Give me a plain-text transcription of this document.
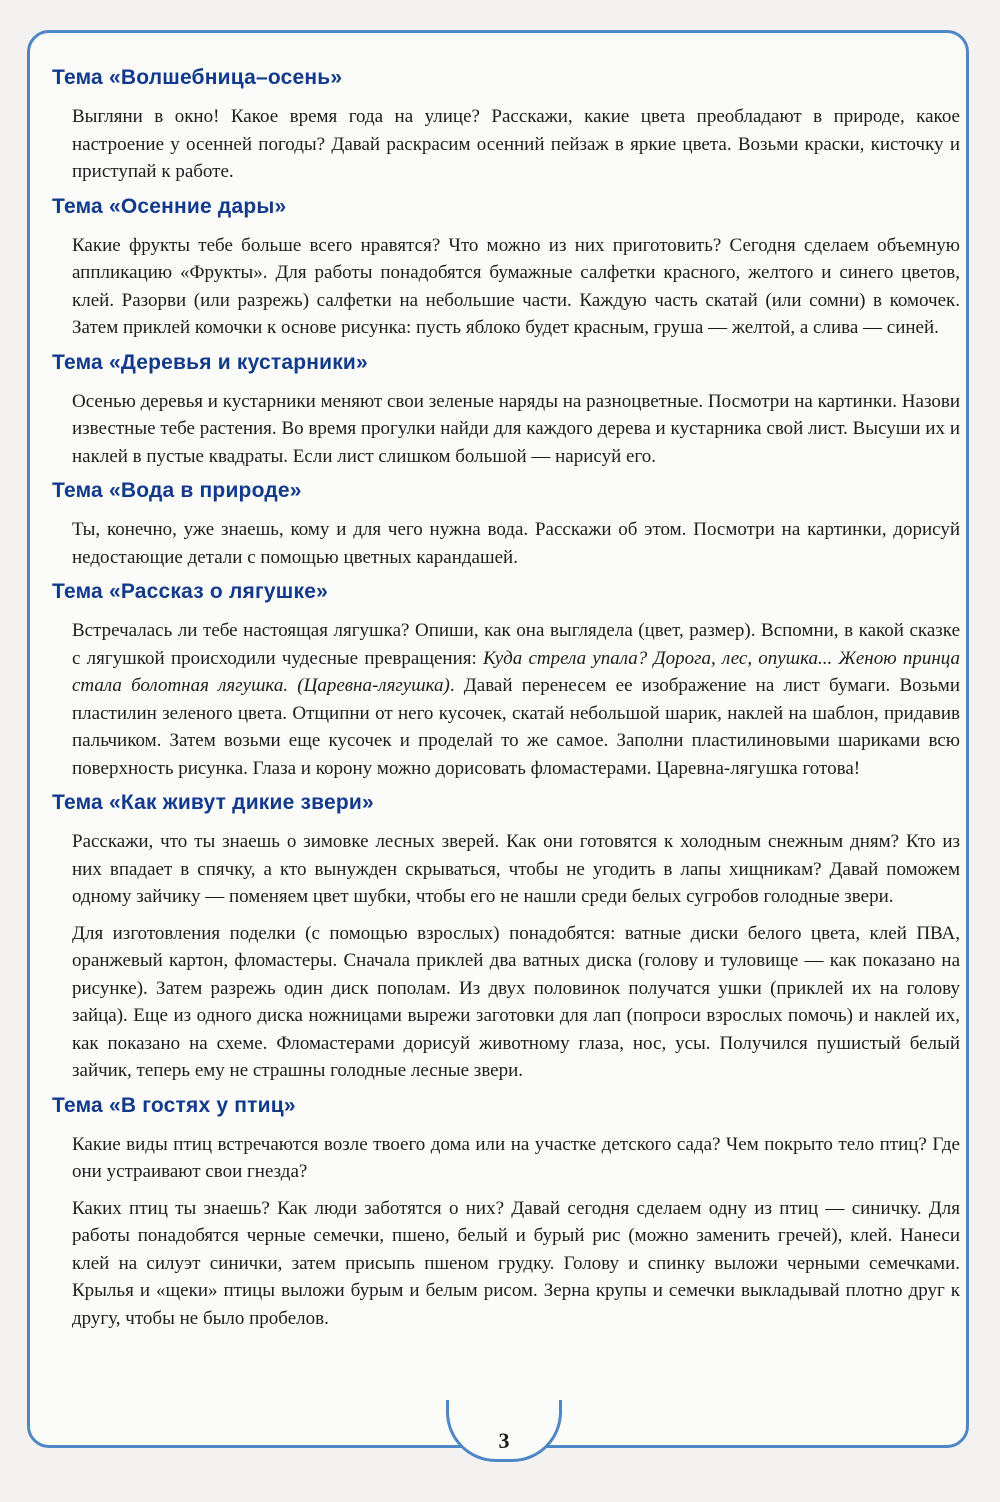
Тема «Волшебница–осень»

Выгляни в окно! Какое время года на улице? Расскажи, какие цвета преобладают в природе, какое настроение у осенней погоды? Давай раскрасим осенний пейзаж в яркие цвета. Возьми краски, кисточку и приступай к работе.

Тема «Осенние дары»

Какие фрукты тебе больше всего нравятся? Что можно из них приготовить? Сегодня сделаем объемную аппликацию «Фрукты». Для работы понадобятся бумажные салфетки красного, желтого и синего цветов, клей. Разорви (или разрежь) салфетки на небольшие части. Каждую часть скатай (или сомни) в комочек. Затем приклей комочки к основе рисунка: пусть яблоко будет красным, груша — желтой, а слива — синей.

Тема «Деревья и кустарники»

Осенью деревья и кустарники меняют свои зеленые наряды на разноцветные. Посмотри на картинки. Назови известные тебе растения. Во время прогулки найди для каждого дерева и кустарника свой лист. Высуши их и наклей в пустые квадраты. Если лист слишком большой — нарисуй его.

Тема «Вода в природе»

Ты, конечно, уже знаешь, кому и для чего нужна вода. Расскажи об этом. Посмотри на картинки, дорисуй недостающие детали с помощью цветных карандашей.

Тема «Рассказ о лягушке»

Встречалась ли тебе настоящая лягушка? Опиши, как она выглядела (цвет, размер). Вспомни, в какой сказке с лягушкой происходили чудесные превращения: Куда стрела упала? Дорога, лес, опушка... Женою принца стала болотная лягушка. (Царевна-лягушка). Давай перенесем ее изображение на лист бумаги. Возьми пластилин зеленого цвета. Отщипни от него кусочек, скатай небольшой шарик, наклей на шаблон, придавив пальчиком. Затем возьми еще кусочек и проделай то же самое. Заполни пластилиновыми шариками всю поверхность рисунка. Глаза и корону можно дорисовать фломастерами. Царевна-лягушка готова!

Тема «Как живут дикие звери»

Расскажи, что ты знаешь о зимовке лесных зверей. Как они готовятся к холодным снежным дням? Кто из них впадает в спячку, а кто вынужден скрываться, чтобы не угодить в лапы хищникам? Давай поможем одному зайчику — поменяем цвет шубки, чтобы его не нашли среди белых сугробов голодные звери.

Для изготовления поделки (с помощью взрослых) понадобятся: ватные диски белого цвета, клей ПВА, оранжевый картон, фломастеры. Сначала приклей два ватных диска (голову и туловище — как показано на рисунке). Затем разрежь один диск пополам. Из двух половинок получатся ушки (приклей их на голову зайца). Еще из одного диска ножницами вырежи заготовки для лап (попроси взрослых помочь) и наклей их, как показано на схеме. Фломастерами дорисуй животному глаза, нос, усы. Получился пушистый белый зайчик, теперь ему не страшны голодные лесные звери.

Тема «В гостях у птиц»

Какие виды птиц встречаются возле твоего дома или на участке детского сада? Чем покрыто тело птиц? Где они устраивают свои гнезда?

Каких птиц ты знаешь? Как люди заботятся о них? Давай сегодня сделаем одну из птиц — синичку. Для работы понадобятся черные семечки, пшено, белый и бурый рис (можно заменить гречей), клей. Нанеси клей на силуэт синички, затем присыпь пшеном грудку. Голову и спинку выложи черными семечками. Крылья и «щеки» птицы выложи бурым и белым рисом. Зерна крупы и семечки выкладывай плотно друг к другу, чтобы не было пробелов.

3
